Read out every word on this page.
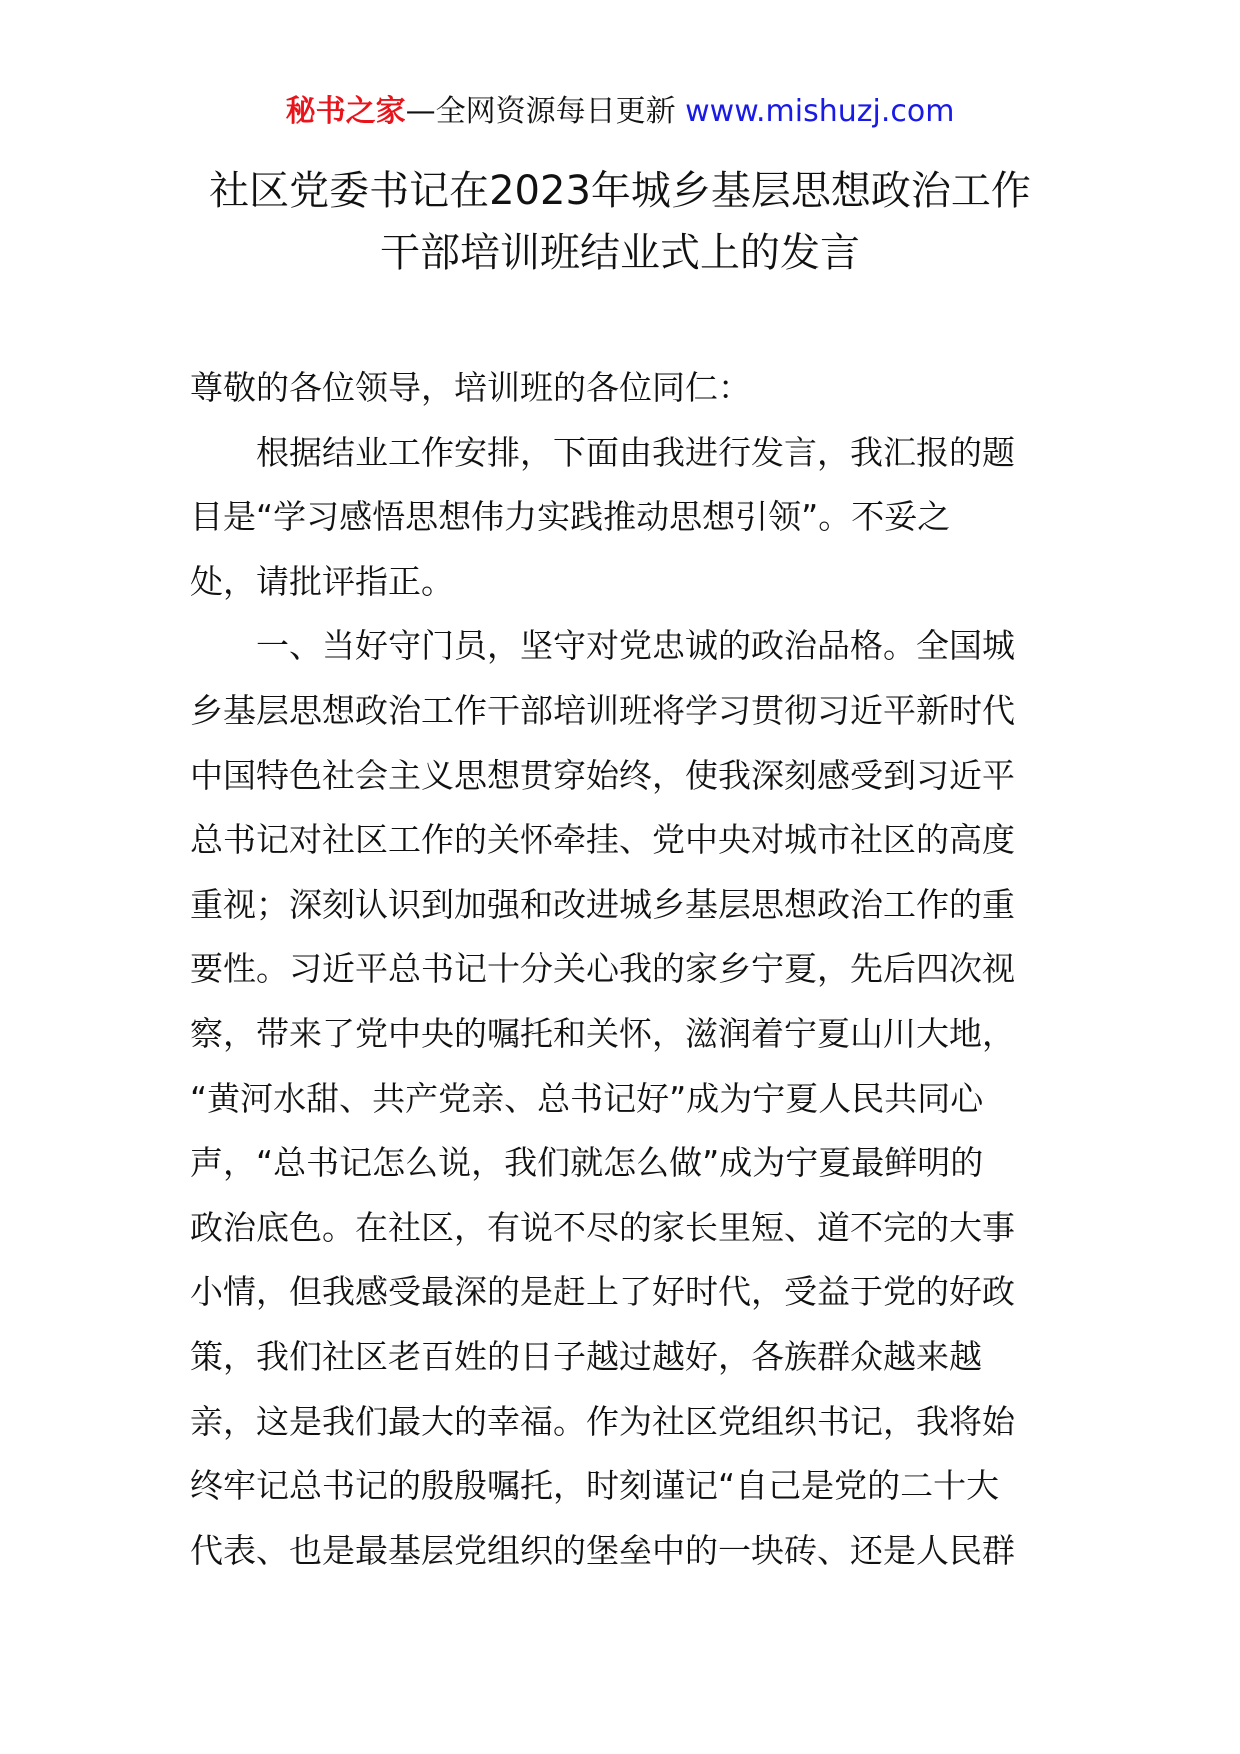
秘书之家—全网资源每日更新 www.mishuzj.com
社区党委书记在2023年城乡基层思想政治工作
干部培训班结业式上的发言
尊敬的各位领导，培训班的各位同仁：
　　根据结业工作安排，下面由我进行发言，我汇报的题
目是“学习感悟思想伟力实践推动思想引领”。不妥之
处，请批评指正。
　　一、当好守门员，坚守对党忠诚的政治品格。全国城
乡基层思想政治工作干部培训班将学习贯彻习近平新时代
中国特色社会主义思想贯穿始终，使我深刻感受到习近平
总书记对社区工作的关怀牵挂、党中央对城市社区的高度
重视；深刻认识到加强和改进城乡基层思想政治工作的重
要性。习近平总书记十分关心我的家乡宁夏，先后四次视
察，带来了党中央的嘱托和关怀，滋润着宁夏山川大地，
“黄河水甜、共产党亲、总书记好”成为宁夏人民共同心
声，“总书记怎么说，我们就怎么做”成为宁夏最鲜明的
政治底色。在社区，有说不尽的家长里短、道不完的大事
小情，但我感受最深的是赶上了好时代，受益于党的好政
策，我们社区老百姓的日子越过越好，各族群众越来越
亲，这是我们最大的幸福。作为社区党组织书记，我将始
终牢记总书记的殷殷嘱托，时刻谨记“自己是党的二十大
代表、也是最基层党组织的堡垒中的一块砖、还是人民群
